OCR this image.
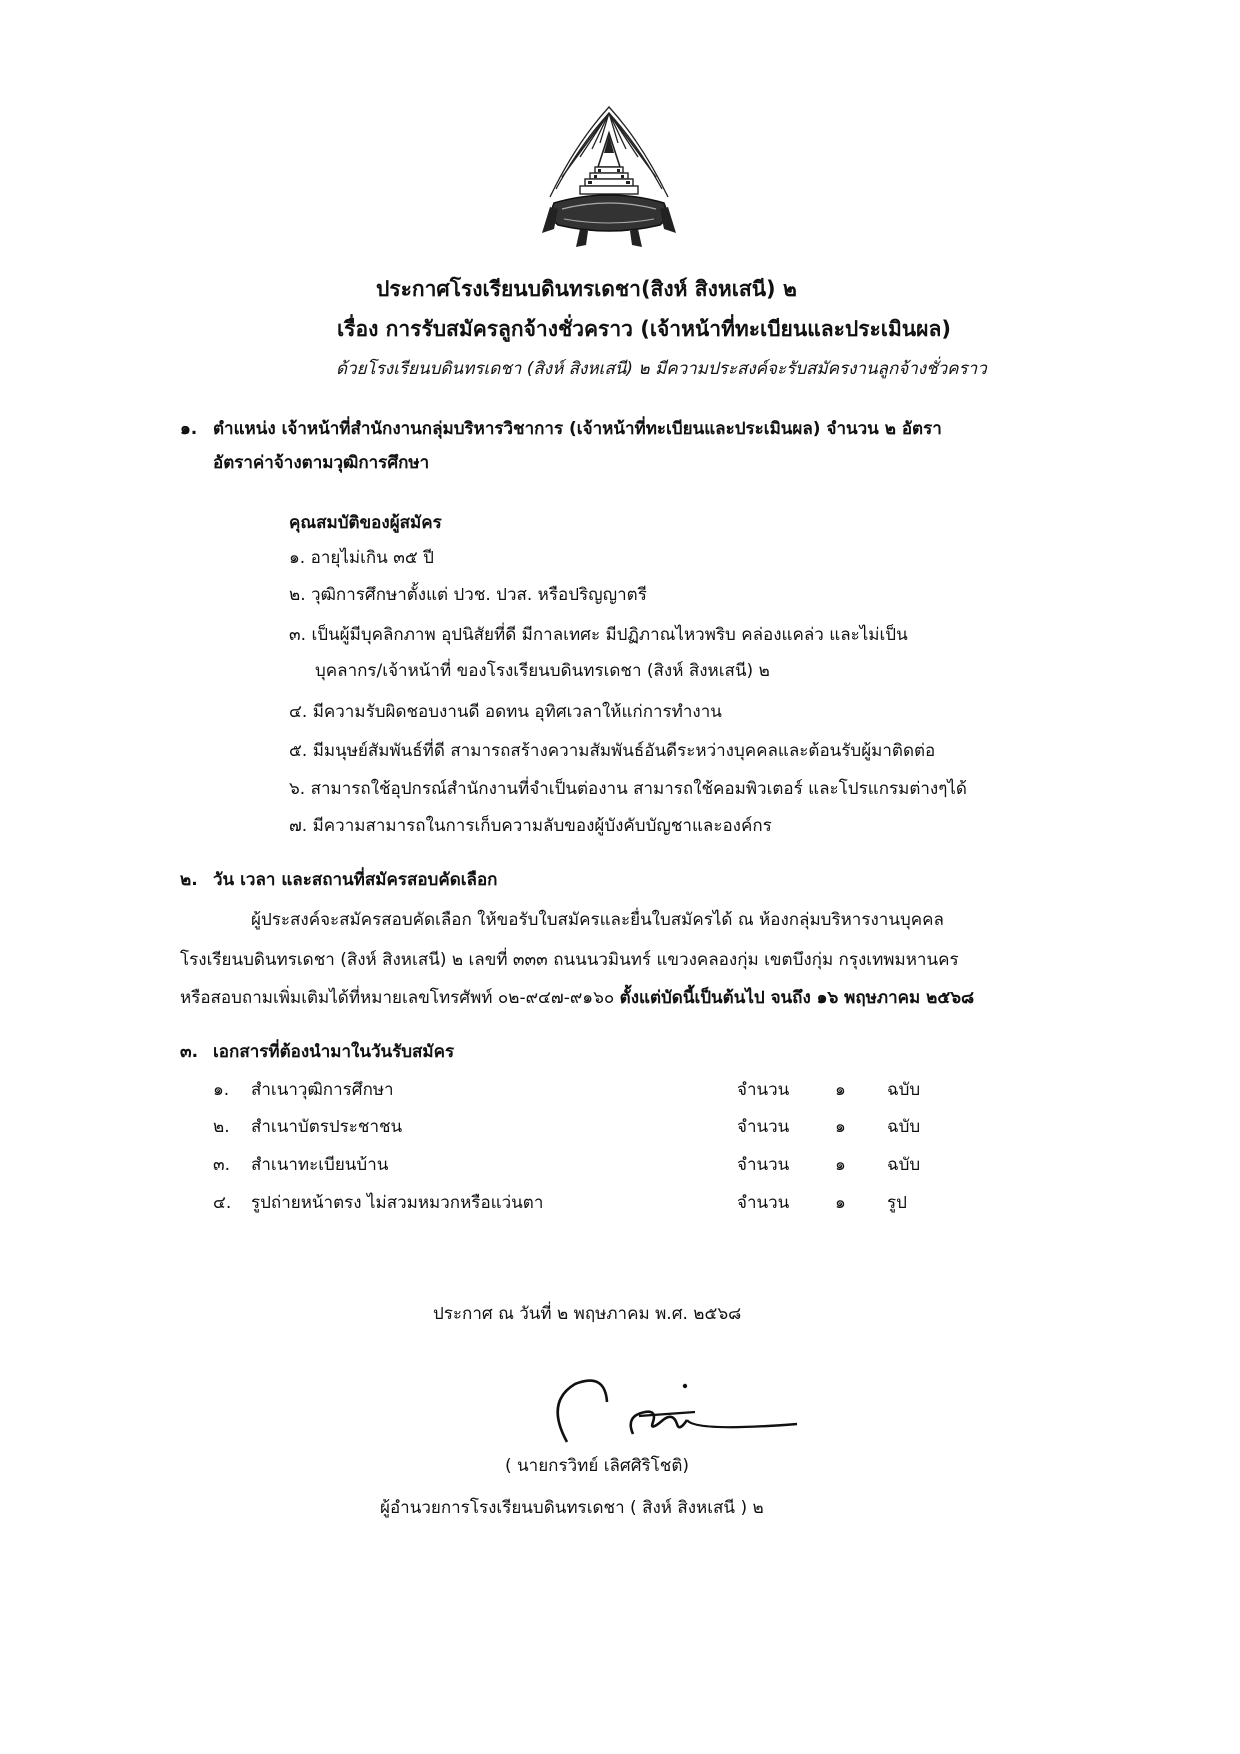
ประกาศโรงเรียนบดินทรเดชา(สิงห์ สิงหเสนี) ๒
เรื่อง การรับสมัครลูกจ้างชั่วคราว (เจ้าหน้าที่ทะเบียนและประเมินผล)
ด้วยโรงเรียนบดินทรเดชา (สิงห์ สิงหเสนี) ๒ มีความประสงค์จะรับสมัครงานลูกจ้างชั่วคราว
๑. ตำแหน่ง เจ้าหน้าที่สำนักงานกลุ่มบริหารวิชาการ (เจ้าหน้าที่ทะเบียนและประเมินผล) จำนวน ๒ อัตรา
อัตราค่าจ้างตามวุฒิการศึกษา
คุณสมบัติของผู้สมัคร
๑. อายุไม่เกิน ๓๕ ปี
๒. วุฒิการศึกษาตั้งแต่ ปวช. ปวส. หรือปริญญาตรี
๓. เป็นผู้มีบุคลิกภาพ อุปนิสัยที่ดี มีกาลเทศะ มีปฏิภาณไหวพริบ คล่องแคล่ว และไม่เป็น
บุคลากร/เจ้าหน้าที่ ของโรงเรียนบดินทรเดชา (สิงห์ สิงหเสนี) ๒
๔. มีความรับผิดชอบงานดี อดทน อุทิศเวลาให้แก่การทำงาน
๕. มีมนุษย์สัมพันธ์ที่ดี สามารถสร้างความสัมพันธ์อันดีระหว่างบุคคลและต้อนรับผู้มาติดต่อ
๖. สามารถใช้อุปกรณ์สำนักงานที่จำเป็นต่องาน สามารถใช้คอมพิวเตอร์ และโปรแกรมต่างๆได้
๗. มีความสามารถในการเก็บความลับของผู้บังคับบัญชาและองค์กร
๒. วัน เวลา และสถานที่สมัครสอบคัดเลือก
ผู้ประสงค์จะสมัครสอบคัดเลือก ให้ขอรับใบสมัครและยื่นใบสมัครได้ ณ ห้องกลุ่มบริหารงานบุคคล
โรงเรียนบดินทรเดชา (สิงห์ สิงหเสนี) ๒ เลขที่ ๓๓๓ ถนนนวมินทร์ แขวงคลองกุ่ม เขตบึงกุ่ม กรุงเทพมหานคร
หรือสอบถามเพิ่มเติมได้ที่หมายเลขโทรศัพท์ ๐๒-๙๔๗-๙๑๖๐ ตั้งแต่บัดนี้เป็นต้นไป จนถึง ๑๖ พฤษภาคม ๒๕๖๘
๓. เอกสารที่ต้องนำมาในวันรับสมัคร
๑. สำเนาวุฒิการศึกษา	จำนวน	๑ ฉบับ
๒. สำเนาบัตรประชาชน	จำนวน	๑ ฉบับ
๓. สำเนาทะเบียนบ้าน	จำนวน	๑ ฉบับ
๔. รูปถ่ายหน้าตรง ไม่สวมหมวกหรือแว่นตา	จำนวน	๑ รูป
ประกาศ ณ วันที่ ๒ พฤษภาคม พ.ศ. ๒๕๖๘
( นายกรวิทย์ เลิศศิริโชติ)
ผู้อำนวยการโรงเรียนบดินทรเดชา ( สิงห์ สิงหเสนี ) ๒
